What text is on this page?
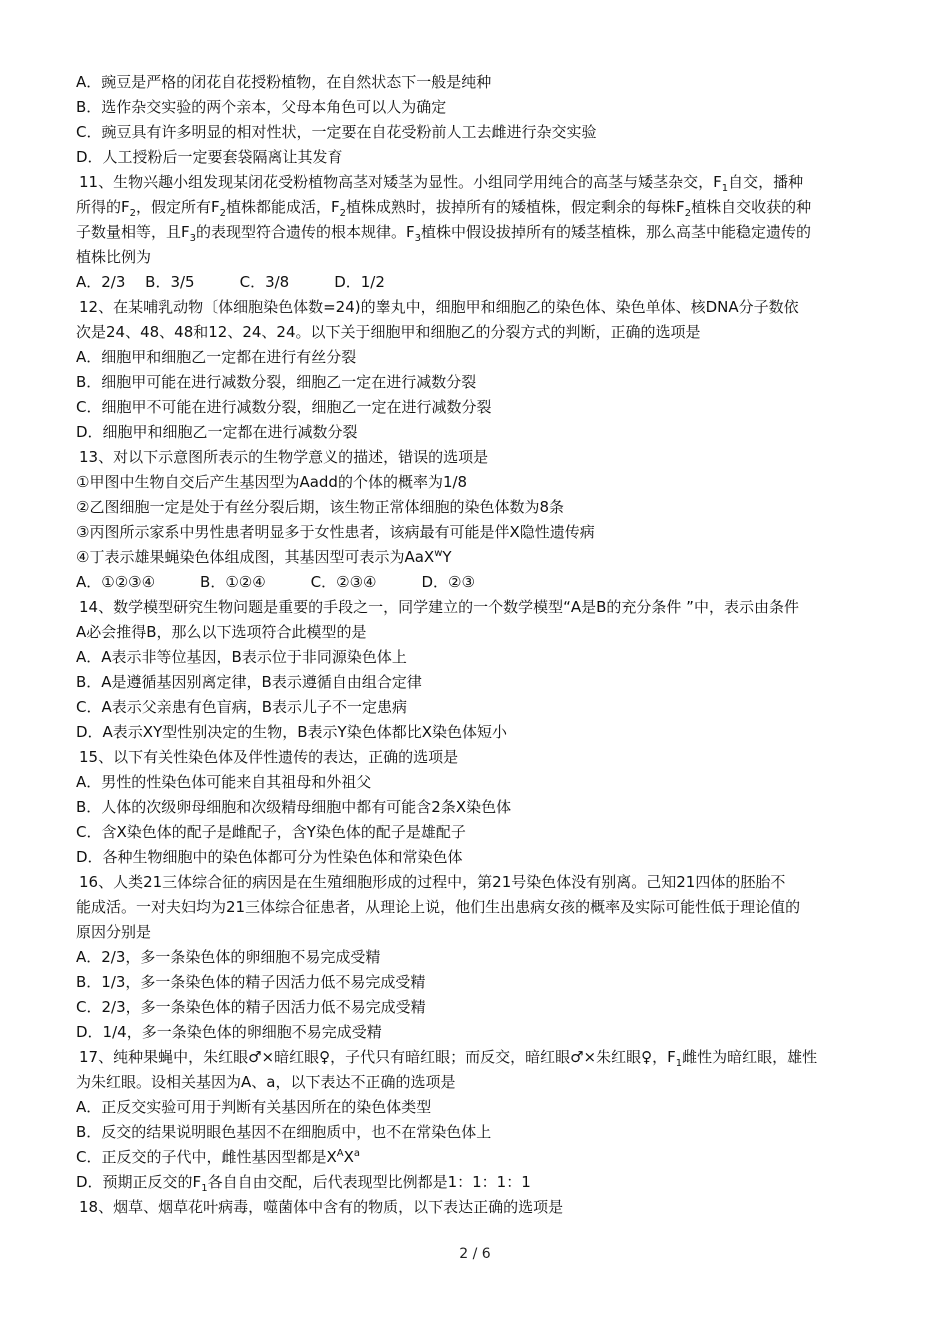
A．豌豆是严格的闭花自花授粉植物，在自然状态下一般是纯种
B．选作杂交实验的两个亲本，父母本角色可以人为确定
C．豌豆具有许多明显的相对性状，一定要在自花受粉前人工去雌进行杂交实验
D．人工授粉后一定要套袋隔离让其发育
11、生物兴趣小组发现某闭花受粉植物高茎对矮茎为显性。小组同学用纯合的高茎与矮茎杂交，$F_1$自交，播种
所得的$F_2$，假定所有$F_2$植株都能成活，$F_2$植株成熟时，拔掉所有的矮植株，假定剩余的每株$F_2$植株自交收获的种
子数量相等，且$F_3$的表现型符合遗传的根本规律。$F_3$植株中假设拔掉所有的矮茎植株，那么高茎中能稳定遗传的
植株比例为
A．2/3　 B．3/5　　　C．3/8　　　D．1/2
12、在某哺乳动物〔体细胞染色体数=24)的睾丸中，细胞甲和细胞乙的染色体、染色单体、核DNA分子数依
次是24、48、48和12、24、24。以下关于细胞甲和细胞乙的分裂方式的判断，正确的选项是
A．细胞甲和细胞乙一定都在进行有丝分裂
B．细胞甲可能在进行减数分裂，细胞乙一定在进行减数分裂
C．细胞甲不可能在进行减数分裂，细胞乙一定在进行减数分裂
D．细胞甲和细胞乙一定都在进行减数分裂
13、对以下示意图所表示的生物学意义的描述，错误的选项是
①甲图中生物自交后产生基因型为Aadd的个体的概率为1/8
②乙图细胞一定是处于有丝分裂后期，该生物正常体细胞的染色体数为8条
③丙图所示家系中男性患者明显多于女性患者，该病最有可能是伴X隐性遗传病
④丁表示雄果蝇染色体组成图，其基因型可表示为AaX$^w$Y
A．①②③④　　　B．①②④　　　C．②③④　　　D．②③
14、数学模型研究生物问题是重要的手段之一，同学建立的一个数学模型“A是B的充分条件 ”中，表示由条件
A必会推得B，那么以下选项符合此模型的是
A．A表示非等位基因，B表示位于非同源染色体上
B．A是遵循基因别离定律，B表示遵循自由组合定律
C．A表示父亲患有色盲病，B表示儿子不一定患病
D．A表示XY型性别决定的生物，B表示Y染色体都比X染色体短小
15、以下有关性染色体及伴性遗传的表达，正确的选项是
A．男性的性染色体可能来自其祖母和外祖父
B．人体的次级卵母细胞和次级精母细胞中都有可能含2条X染色体
C．含X染色体的配子是雌配子，含Y染色体的配子是雄配子
D．各种生物细胞中的染色体都可分为性染色体和常染色体
16、人类21三体综合征的病因是在生殖细胞形成的过程中，第21号染色体没有别离。己知21四体的胚胎不
能成活。一对夫妇均为21三体综合征患者，从理论上说，他们生出患病女孩的概率及实际可能性低于理论值的
原因分别是
A．2/3，多一条染色体的卵细胞不易完成受精
B．1/3，多一条染色体的精子因活力低不易完成受精
C．2/3，多一条染色体的精子因活力低不易完成受精
D．1/4，多一条染色体的卵细胞不易完成受精
17、纯种果蝇中，朱红眼♂×暗红眼♀，子代只有暗红眼；而反交，暗红眼♂×朱红眼♀，$F_1$雌性为暗红眼，雄性
为朱红眼。设相关基因为A、a，以下表达不正确的选项是
A．正反交实验可用于判断有关基因所在的染色体类型
B．反交的结果说明眼色基因不在细胞质中，也不在常染色体上
C．正反交的子代中，雌性基因型都是$X^AX^a$
D．预期正反交的$F_1$各自自由交配，后代表现型比例都是1：1：1：1
18、烟草、烟草花叶病毒，噬菌体中含有的物质，以下表达正确的选项是
2 / 6
